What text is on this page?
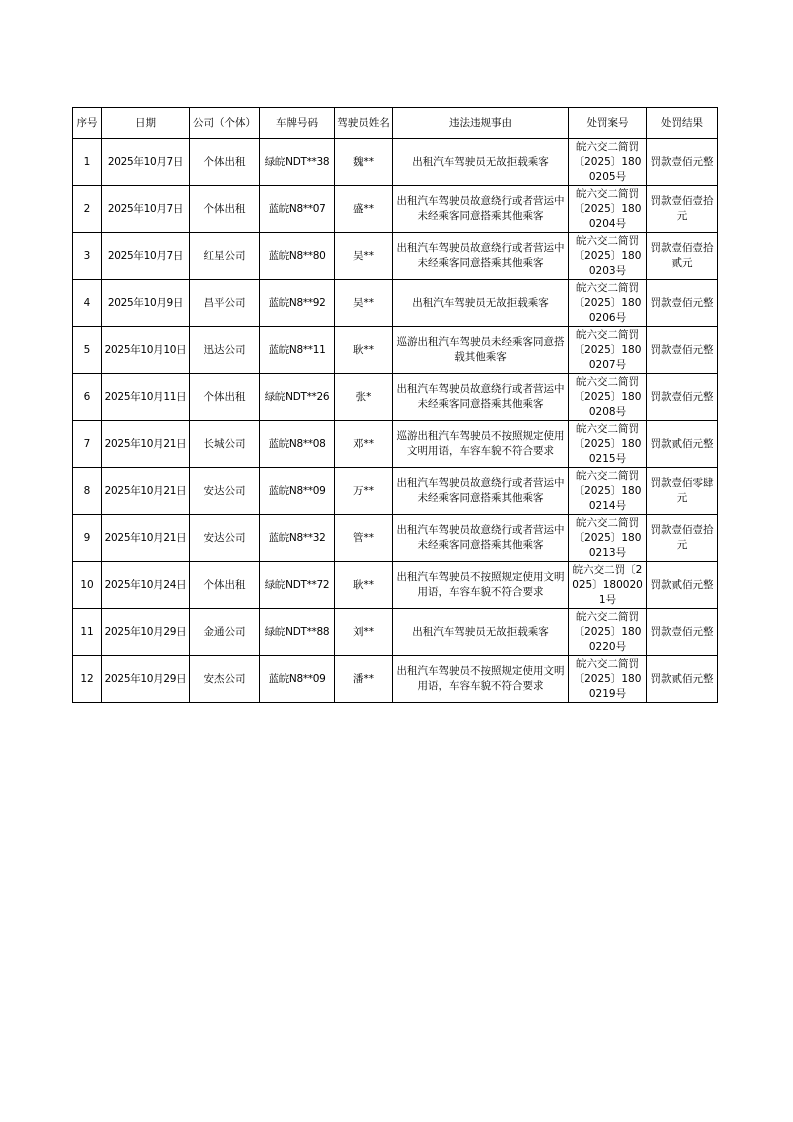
序号	日期	公司（个体）	车牌号码	驾驶员姓名	违法违规事由	处罚案号	处罚结果
1	2025年10月7日	个体出租	绿皖NDT**38	魏**	出租汽车驾驶员无故拒载乘客	皖六交二简罚〔2025〕1800205号	罚款壹佰元整
2	2025年10月7日	个体出租	蓝皖N8**07	盛**	出租汽车驾驶员故意绕行或者营运中未经乘客同意搭乘其他乘客	皖六交二简罚〔2025〕1800204号	罚款壹佰壹拾元
3	2025年10月7日	红星公司	蓝皖N8**80	吴**	出租汽车驾驶员故意绕行或者营运中未经乘客同意搭乘其他乘客	皖六交二简罚〔2025〕1800203号	罚款壹佰壹拾贰元
4	2025年10月9日	昌平公司	蓝皖N8**92	吴**	出租汽车驾驶员无故拒载乘客	皖六交二简罚〔2025〕1800206号	罚款壹佰元整
5	2025年10月10日	迅达公司	蓝皖N8**11	耿**	巡游出租汽车驾驶员未经乘客同意搭载其他乘客	皖六交二简罚〔2025〕1800207号	罚款壹佰元整
6	2025年10月11日	个体出租	绿皖NDT**26	张*	出租汽车驾驶员故意绕行或者营运中未经乘客同意搭乘其他乘客	皖六交二简罚〔2025〕1800208号	罚款壹佰元整
7	2025年10月21日	长城公司	蓝皖N8**08	邓**	巡游出租汽车驾驶员不按照规定使用文明用语，车容车貌不符合要求	皖六交二简罚〔2025〕1800215号	罚款贰佰元整
8	2025年10月21日	安达公司	蓝皖N8**09	万**	出租汽车驾驶员故意绕行或者营运中未经乘客同意搭乘其他乘客	皖六交二简罚〔2025〕1800214号	罚款壹佰零肆元
9	2025年10月21日	安达公司	蓝皖N8**32	管**	出租汽车驾驶员故意绕行或者营运中未经乘客同意搭乘其他乘客	皖六交二简罚〔2025〕1800213号	罚款壹佰壹拾元
10	2025年10月24日	个体出租	绿皖NDT**72	耿**	出租汽车驾驶员不按照规定使用文明用语，车容车貌不符合要求	皖六交二罚〔2025〕1800201号	罚款贰佰元整
11	2025年10月29日	金通公司	绿皖NDT**88	刘**	出租汽车驾驶员无故拒载乘客	皖六交二简罚〔2025〕1800220号	罚款壹佰元整
12	2025年10月29日	安杰公司	蓝皖N8**09	潘**	出租汽车驾驶员不按照规定使用文明用语，车容车貌不符合要求	皖六交二简罚〔2025〕1800219号	罚款贰佰元整
